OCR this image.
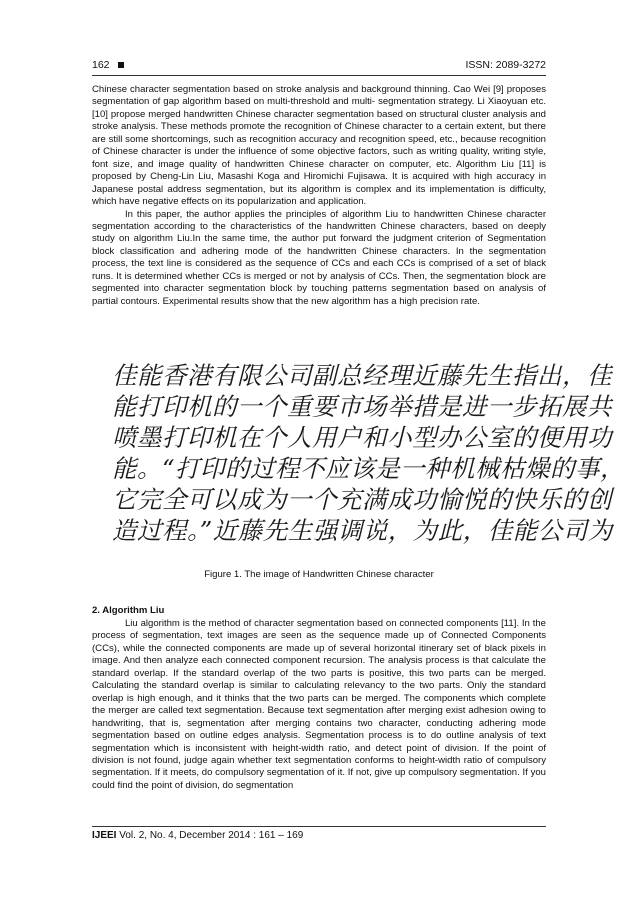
162	ISSN: 2089-3272

Chinese character segmentation based on stroke analysis and background thinning. Cao Wei [9] proposes segmentation of gap algorithm based on multi-threshold and multi- segmentation strategy. Li Xiaoyuan etc. [10] propose merged handwritten Chinese character segmentation based on structural cluster analysis and stroke analysis. These methods promote the recognition of Chinese character to a certain extent, but there are still some shortcomings, such as recognition accuracy and recognition speed, etc., because recognition of Chinese character is under the influence of some objective factors, such as writing quality, writing style, font size, and image quality of handwritten Chinese character on computer, etc. Algorithm Liu [11] is proposed by Cheng-Lin Liu, Masashi Koga and Hiromichi Fujisawa. It is acquired with high accuracy in Japanese postal address segmentation, but its algorithm is complex and its implementation is difficulty, which have negative effects on its popularization and application.

In this paper, the author applies the principles of algorithm Liu to handwritten Chinese character segmentation according to the characteristics of the handwritten Chinese characters, based on deeply study on algorithm Liu.In the same time, the author put forward the judgment criterion of Segmentation block classification and adhering mode of the handwritten Chinese characters. In the segmentation process, the text line is considered as the sequence of CCs and each CCs is comprised of a set of black runs. It is determined whether CCs is merged or not by analysis of CCs. Then, the segmentation block are segmented into character segmentation block by touching patterns segmentation based on analysis of partial contours. Experimental results show that the new algorithm has a high precision rate.

佳能香港有限公司副总经理近藤先生指出，佳
能打印机的一个重要市场举措是进一步拓展共
喷墨打印机在个人用户和小型办公室的便用功
能。“打印的过程不应该是一种机械枯燥的事，
它完全可以成为一个充满成功愉悦的快乐的创
造过程。”近藤先生强调说，为此，佳能公司为
Figure 1. The image of Handwritten Chinese character
2. Algorithm Liu

Liu algorithm is the method of character segmentation based on connected components [11]. In the process of segmentation, text images are seen as the sequence made up of Connected Components (CCs), while the connected components are made up of several horizontal itinerary set of black pixels in image. And then analyze each connected component recursion. The analysis process is that calculate the standard overlap. If the standard overlap of the two parts is positive, this two parts can be merged. Calculating the standard overlap is similar to calculating relevancy to the two parts. Only the standard overlap is high enough, and it thinks that the two parts can be merged. The components which complete the merger are called text segmentation. Because text segmentation after merging exist adhesion owing to handwriting, that is, segmentation after merging contains two character, conducting adhering mode segmentation based on outline edges analysis. Segmentation process is to do outline analysis of text segmentation which is inconsistent with height-width ratio, and detect point of division. If the point of division is not found, judge again whether text segmentation conforms to height-width ratio of compulsory segmentation. If it meets, do compulsory segmentation of it. If not, give up compulsory segmentation. If you could find the point of division, do segmentation

IJEEI Vol. 2, No. 4, December 2014 : 161 – 169
